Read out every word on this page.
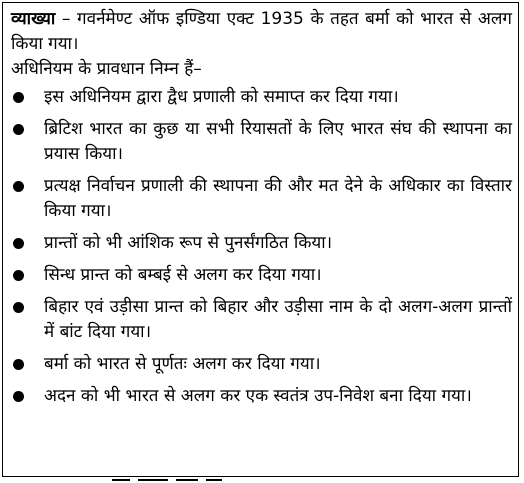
व्याख्या – गवर्नमेण्ट ऑफ इण्डिया एक्ट 1935 के तहत बर्मा को भारत से अलग किया गया।

अधिनियम के प्रावधान निम्न हैं–

इस अधिनियम द्वारा द्वैध प्रणाली को समाप्त कर दिया गया।
ब्रिटिश भारत का कुछ या सभी रियासतों के लिए भारत संघ की स्थापना का प्रयास किया।
प्रत्यक्ष निर्वाचन प्रणाली की स्थापना की और मत देने के अधिकार का विस्तार किया गया।
प्रान्तों को भी आंशिक रूप से पुनर्संगठित किया।
सिन्ध प्रान्त को बम्बई से अलग कर दिया गया।
बिहार एवं उड़ीसा प्रान्त को बिहार और उड़ीसा नाम के दो अलग-अलग प्रान्तों में बांट दिया गया।
बर्मा को भारत से पूर्णतः अलग कर दिया गया।
अदन को भी भारत से अलग कर एक स्वतंत्र उप-निवेश बना दिया गया।
